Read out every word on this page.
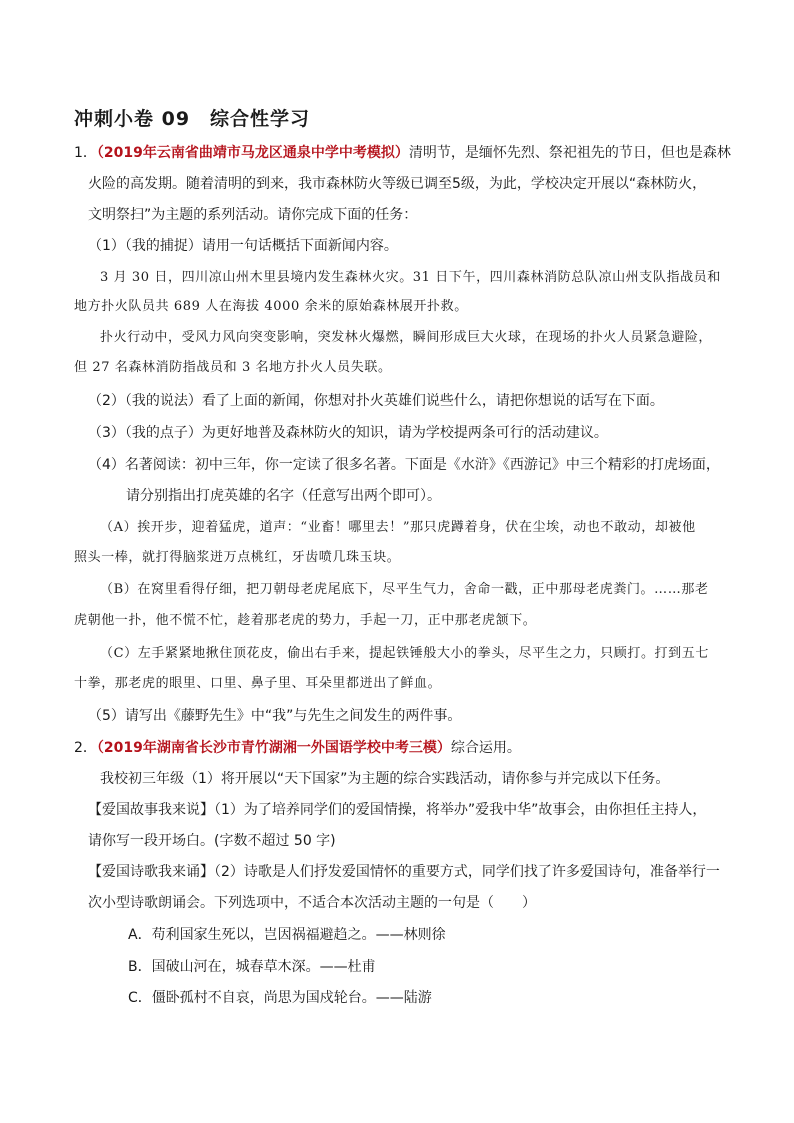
冲刺小卷 09　综合性学习
1．（2019年云南省曲靖市马龙区通泉中学中考模拟）清明节，是缅怀先烈、祭祀祖先的节日，但也是森林
火险的高发期。随着清明的到来，我市森林防火等级已调至5级，为此，学校决定开展以“森林防火，
文明祭扫”为主题的系列活动。请你完成下面的任务：
（1）（我的捕捉）请用一句话概括下面新闻内容。
3 月 30 日，四川凉山州木里县境内发生森林火灾。31 日下午，四川森林消防总队凉山州支队指战员和
地方扑火队员共 689 人在海拔 4000 余米的原始森林展开扑救。
扑火行动中，受风力风向突变影响，突发林火爆燃，瞬间形成巨大火球，在现场的扑火人员紧急避险，
但 27 名森林消防指战员和 3 名地方扑火人员失联。
（2）（我的说法）看了上面的新闻，你想对扑火英雄们说些什么，请把你想说的话写在下面。
（3）（我的点子）为更好地普及森林防火的知识，请为学校提两条可行的活动建议。
（4）名著阅读：初中三年，你一定读了很多名著。下面是《水浒》《西游记》中三个精彩的打虎场面，
请分别指出打虎英雄的名字（任意写出两个即可）。
（A）挨开步，迎着猛虎，道声：“业畜！哪里去！”那只虎蹲着身，伏在尘埃，动也不敢动，却被他
照头一棒，就打得脑浆迸万点桃红，牙齿喷几珠玉块。
（B）在窝里看得仔细，把刀朝母老虎尾底下，尽平生气力，舍命一戳，正中那母老虎粪门。……那老
虎朝他一扑，他不慌不忙，趁着那老虎的势力，手起一刀，正中那老虎颔下。
（C）左手紧紧地揪住顶花皮，偷出右手来，提起铁锤般大小的拳头，尽平生之力，只顾打。打到五七
十拳，那老虎的眼里、口里、鼻子里、耳朵里都迸出了鲜血。
（5）请写出《藤野先生》中“我”与先生之间发生的两件事。
2．（2019年湖南省长沙市青竹湖湘一外国语学校中考三模）综合运用。
我校初三年级（1）将开展以“天下国家”为主题的综合实践活动，请你参与并完成以下任务。
【爱国故事我来说】（1）为了培养同学们的爱国情操，将举办”爱我中华”故事会，由你担任主持人，
请你写一段开场白。(字数不超过 50 字)
【爱国诗歌我来诵】（2）诗歌是人们抒发爱国情怀的重要方式，同学们找了许多爱国诗句，准备举行一
次小型诗歌朗诵会。下列选项中，不适合本次活动主题的一句是（　　）
A．苟利国家生死以，岂因祸福避趋之。——林则徐
B．国破山河在，城春草木深。——杜甫
C．僵卧孤村不自哀，尚思为国戍轮台。——陆游
